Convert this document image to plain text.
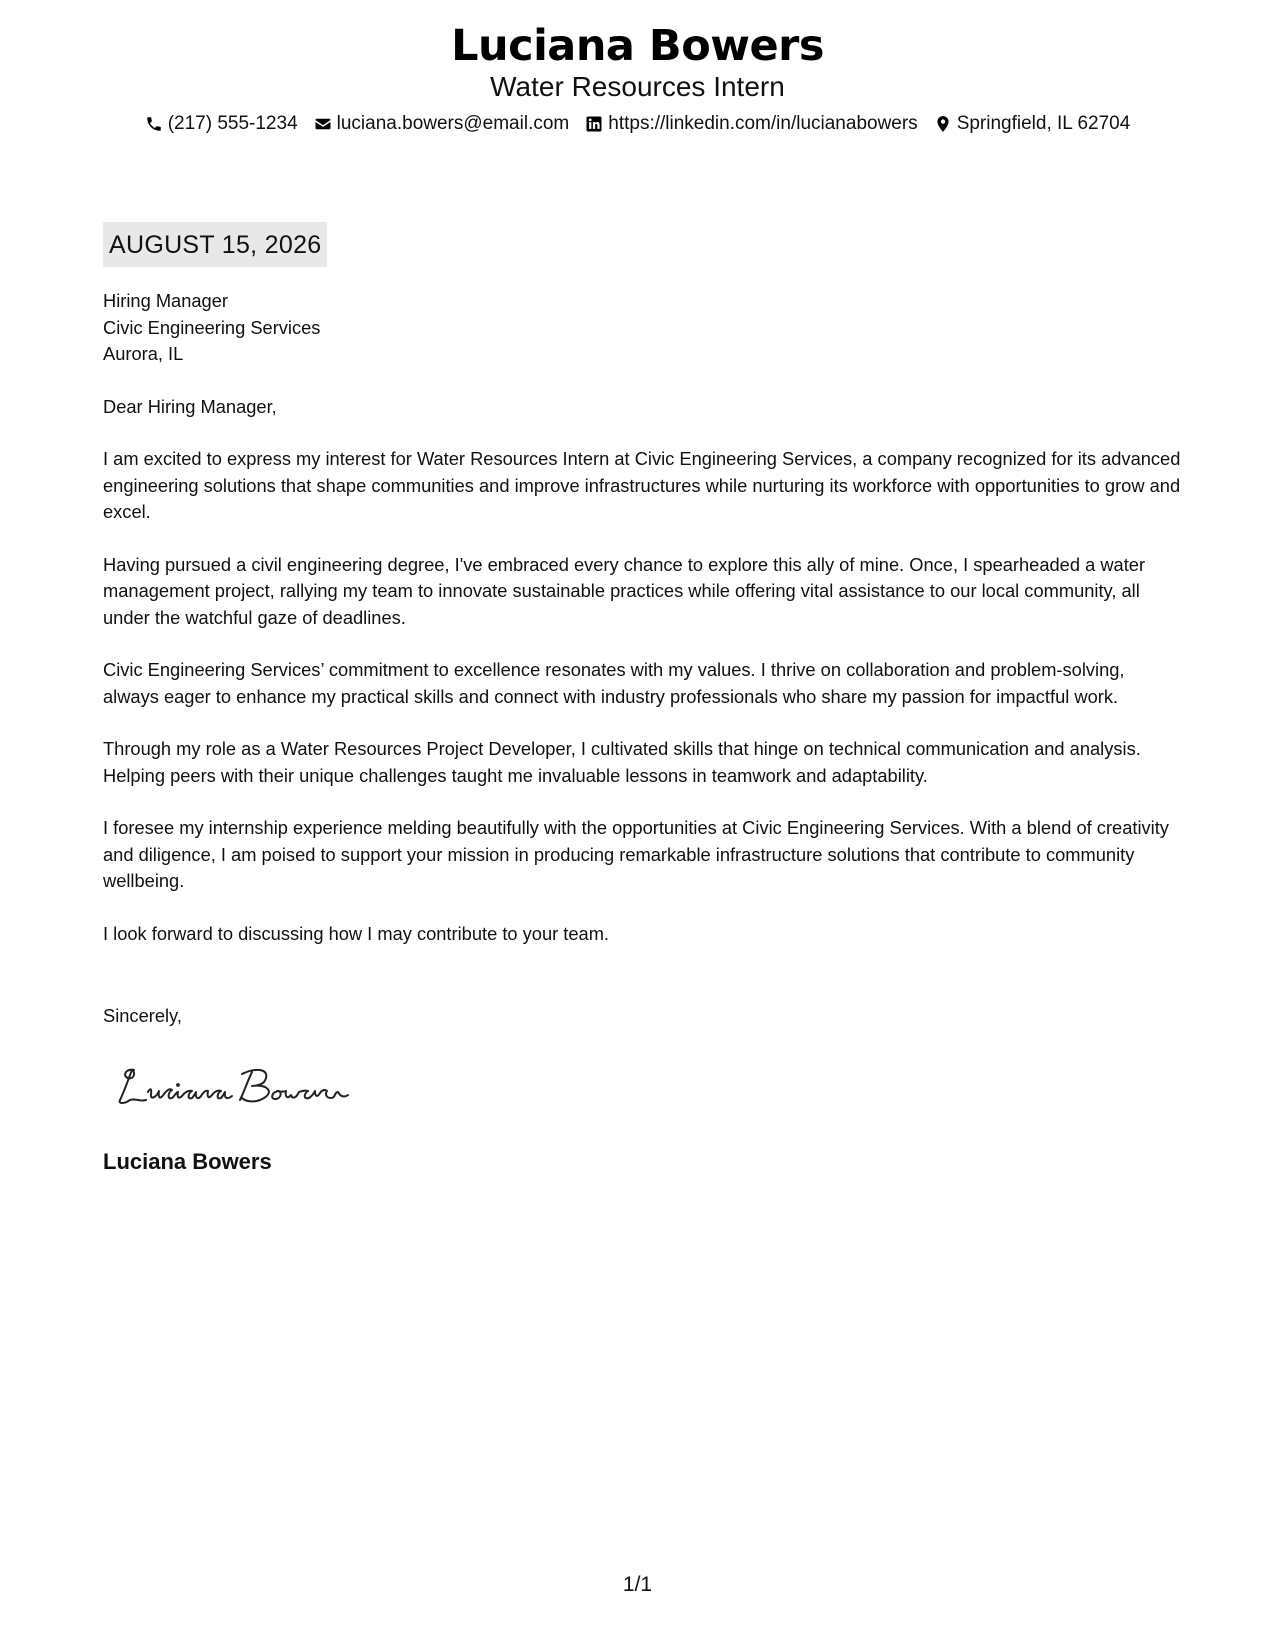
Luciana Bowers
Water Resources Intern
(217) 555-1234 luciana.bowers@email.com https://linkedin.com/in/lucianabowers Springfield, IL 62704
AUGUST 15, 2026
Hiring Manager
Civic Engineering Services
Aurora, IL

Dear Hiring Manager,

I am excited to express my interest for Water Resources Intern at Civic Engineering Services, a company recognized for its advanced engineering solutions that shape communities and improve infrastructures while nurturing its workforce with opportunities to grow and excel.

Having pursued a civil engineering degree, I've embraced every chance to explore this ally of mine. Once, I spearheaded a water management project, rallying my team to innovate sustainable practices while offering vital assistance to our local community, all under the watchful gaze of deadlines.

Civic Engineering Services’ commitment to excellence resonates with my values. I thrive on collaboration and problem-solving, always eager to enhance my practical skills and connect with industry professionals who share my passion for impactful work.

Through my role as a Water Resources Project Developer, I cultivated skills that hinge on technical communication and analysis. Helping peers with their unique challenges taught me invaluable lessons in teamwork and adaptability.

I foresee my internship experience melding beautifully with the opportunities at Civic Engineering Services. With a blend of creativity and diligence, I am poised to support your mission in producing remarkable infrastructure solutions that contribute to community wellbeing.

I look forward to discussing how I may contribute to your team.

Sincerely,
Luciana Bowers
1/1
